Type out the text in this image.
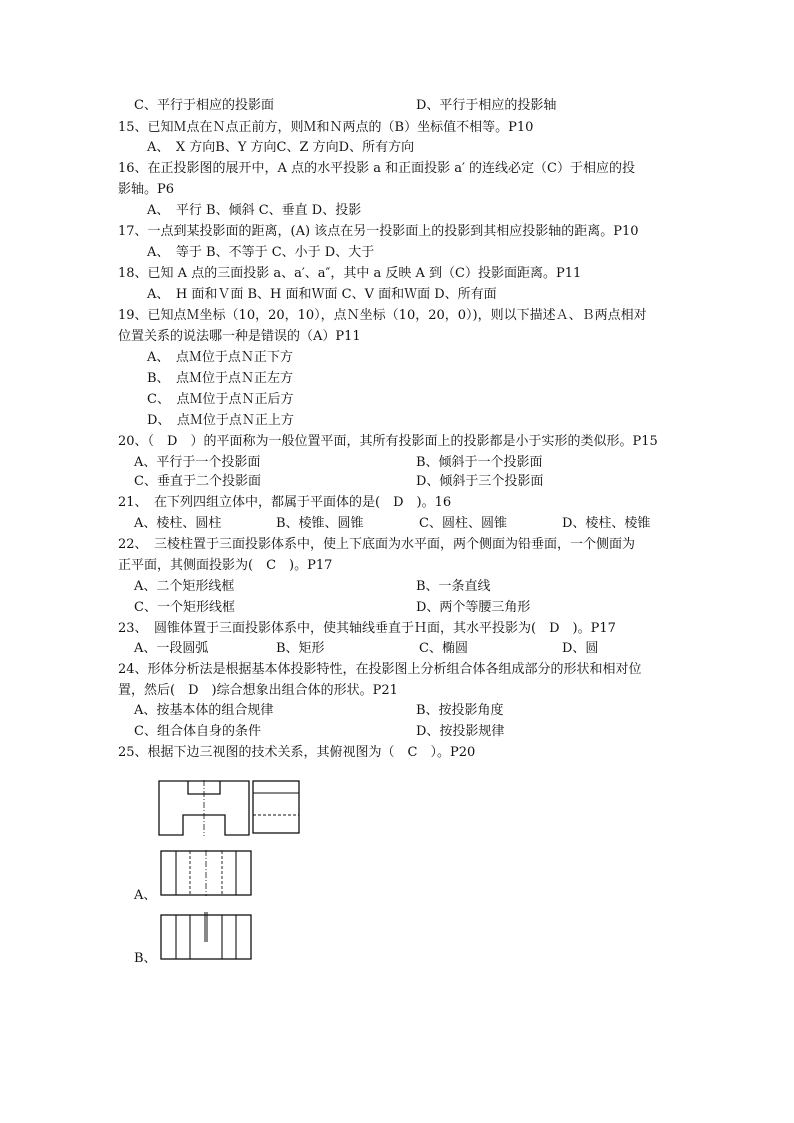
C、平行于相应的投影面	D、平行于相应的投影轴
15、已知Ｍ点在Ｎ点正前方，则Ｍ和Ｎ两点的（B）坐标值不相等。P10
A、　X 方向B、Y 方向C、Z 方向D、所有方向
16、在正投影图的展开中，A 点的水平投影 a 和正面投影 a′ 的连线必定（C）于相应的投
影轴。P6
A、　平行 B、倾斜 C、垂直 D、投影
17、一点到某投影面的距离，(A) 该点在另一投影面上的投影到其相应投影轴的距离。P10
A、　等于 B、不等于 C、小于 D、大于
18、已知 A 点的三面投影 a、a′、a″，其中 a 反映 A 到（C）投影面距离。P11
A、　H 面和Ｖ面 B、H 面和Ｗ面 C、V 面和Ｗ面 D、所有面
19、已知点Ｍ坐标（10，20，10），点Ｎ坐标（10，20，0）)，则以下描述Ａ、Ｂ两点相对
位置关系的说法哪一种是错误的（A）P11
A、　点Ｍ位于点Ｎ正下方
B、　点Ｍ位于点Ｎ正左方
C、　点Ｍ位于点Ｎ正后方
D、　点Ｍ位于点Ｎ正上方
20、（　D　）的平面称为一般位置平面，其所有投影面上的投影都是小于实形的类似形。P15
A、平行于一个投影面	B、倾斜于一个投影面
C、垂直于二个投影面	D、倾斜于三个投影面
21、　在下列四组立体中，都属于平面体的是(　D　)。16
A、棱柱、圆柱	B、棱锥、圆锥	C、圆柱、圆锥	D、棱柱、棱锥
22、　三棱柱置于三面投影体系中，使上下底面为水平面，两个侧面为铅垂面，一个侧面为
正平面，其侧面投影为(　C　)。P17
A、二个矩形线框	B、一条直线
C、一个矩形线框	D、两个等腰三角形
23、　圆锥体置于三面投影体系中，使其轴线垂直于Ｈ面，其水平投影为(　D　)。P17
A、一段圆弧	B、矩形	C、椭圆	D、圆
24、形体分析法是根据基本体投影特性，在投影图上分析组合体各组成部分的形状和相对位
置，然后(　D　)综合想象出组合体的形状。P21
A、按基本体的组合规律	B、按投影角度
C、组合体自身的条件	D、按投影规律
25、根据下边三视图的技术关系，其俯视图为（　C　）。P20
A、
B、
